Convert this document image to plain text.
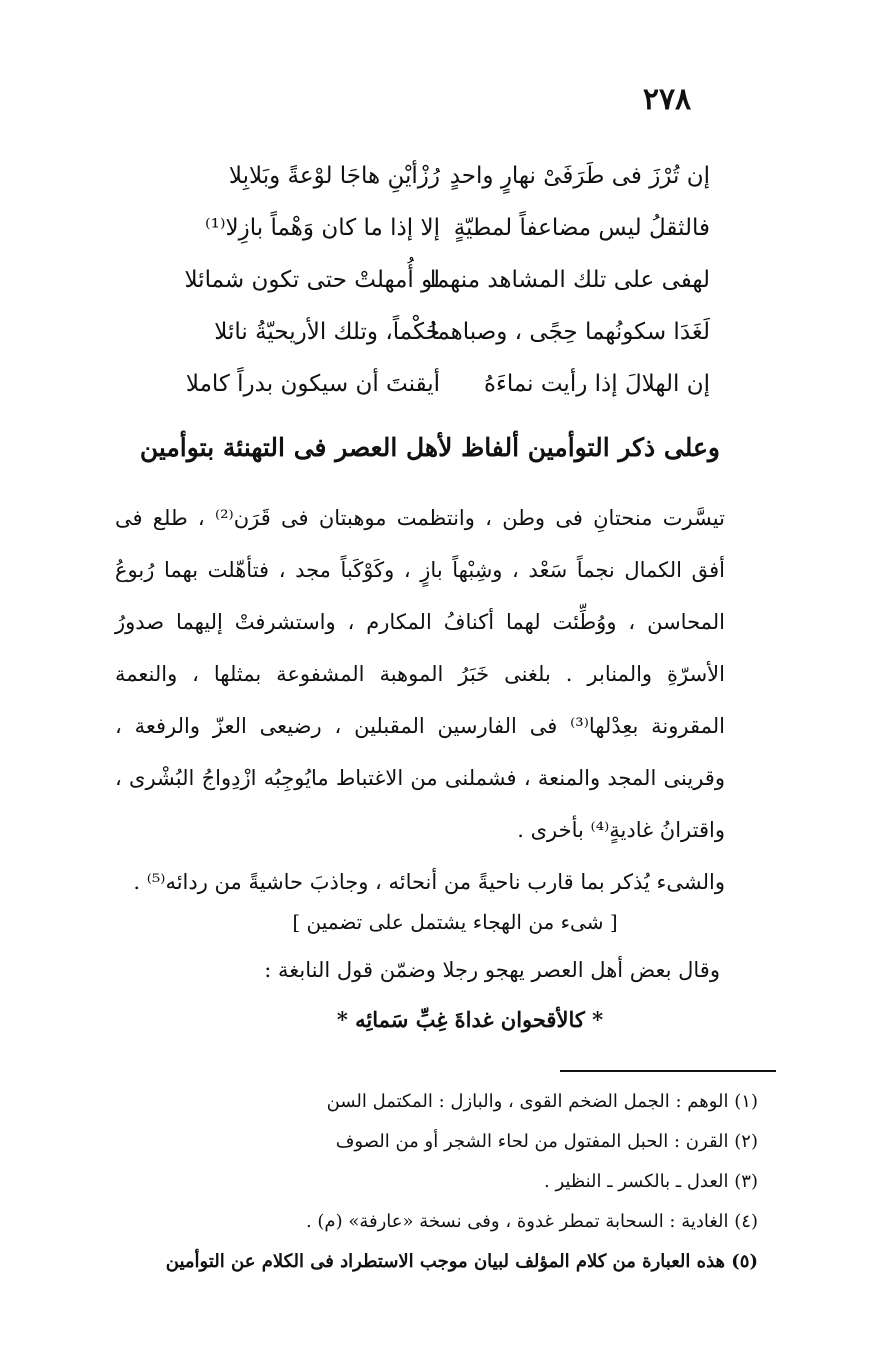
٢٧٨
إن تُرْزَ فى طَرَفَىْ نهارٍ واحدٍ
رُزْأيْنِ هاجَا لوْعةً وبَلابِلا
فالثقلُ ليس مضاعفاً لمطيّةٍ
إلا إذا ما كان وَهْماً بازِلا⁽¹⁾
لهفى على تلك المشاهد منهما
لو أُمهلتْ حتى تكون شمائلا
لَغَدَا سكونُهما حِجًى ، وصباهما
حُكْماً، وتلك الأريحيّةُ نائلا
إن الهلالَ إذا رأيت نماءَهُ
أيقنتَ أن سيكون بدراً كاملا
وعلى ذكر التوأمين ألفاظ لأهل العصر فى التهنئة بتوأمين

تيسَّرت منحتانِ فى وطن ، وانتظمت موهبتان فى قَرَن⁽²⁾ ، طلع فى أفق الكمال نجماً سَعْد ، وشِبْهاً بازٍ ، وكَوْكَباً مجد ، فتأهّلت بهما رُبوعُ المحاسن ، ووُطِّئت لهما أكنافُ المكارم ، واستشرفتْ إليهما صدورُ الأسرّةِ والمنابر . بلغنى خَبَرُ الموهبة المشفوعة بمثلها ، والنعمة المقرونة بعِدْلها⁽³⁾ فى الفارسين المقبلين ، رضيعى العزّ والرفعة ، وقرينى المجد والمنعة ، فشملنى من الاغتباط مايُوجِبُه ازْدِواجُ البُشْرى ، واقترانُ غاديةٍ⁽⁴⁾ بأخرى .

والشىء يُذكر بما قارب ناحيةً من أنحائه ، وجاذبَ حاشيةً من ردائه⁽⁵⁾ .

[ شىء من الهجاء يشتمل على تضمين ]
وقال بعض أهل العصر يهجو رجلا وضمّن قول النابغة :
* كالأقحوان غداةَ غِبِّ سَمائِه *
(١) الوهم : الجمل الضخم القوى ، والبازل : المكتمل السن
(٢) القرن : الحبل المفتول من لحاء الشجر أو من الصوف
(٣) العدل ـ بالكسر ـ النظير .
(٤) الغادية : السحابة تمطر غدوة ، وفى نسخة «عارفة» (م) .
(٥) هذه العبارة من كلام المؤلف لبيان موجب الاستطراد فى الكلام عن التوأمين
